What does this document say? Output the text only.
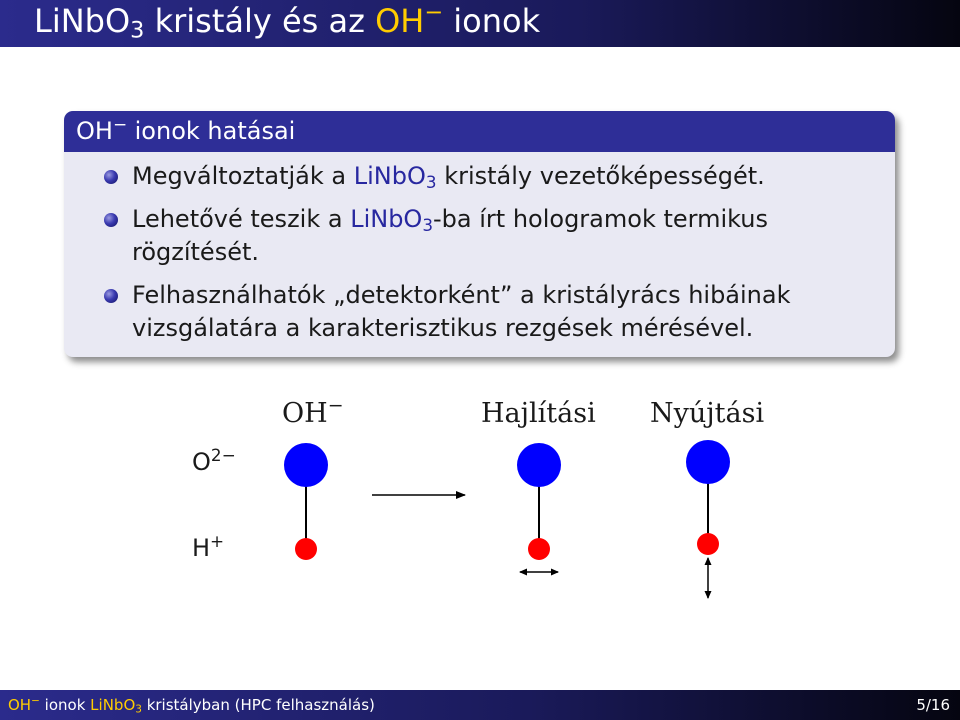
LiNbO$_3$ kristály és az OH− ionok
OH− ionok hatásai
Megváltoztatják a LiNbO$_3$ kristály vezetőképességét.
Lehetővé teszik a LiNbO$_3$-ba írt hologramok termikus rögzítését.
Felhasználhatók „detektorként” a kristályrács hibáinak vizsgálatára a karakterisztikus rezgések mérésével.
$O^{2-}$
H+
OH−	Hajlítási Nyújtási
OH− ionok LiNbO$_3$ kristályban (HPC felhasználás)	5/16
